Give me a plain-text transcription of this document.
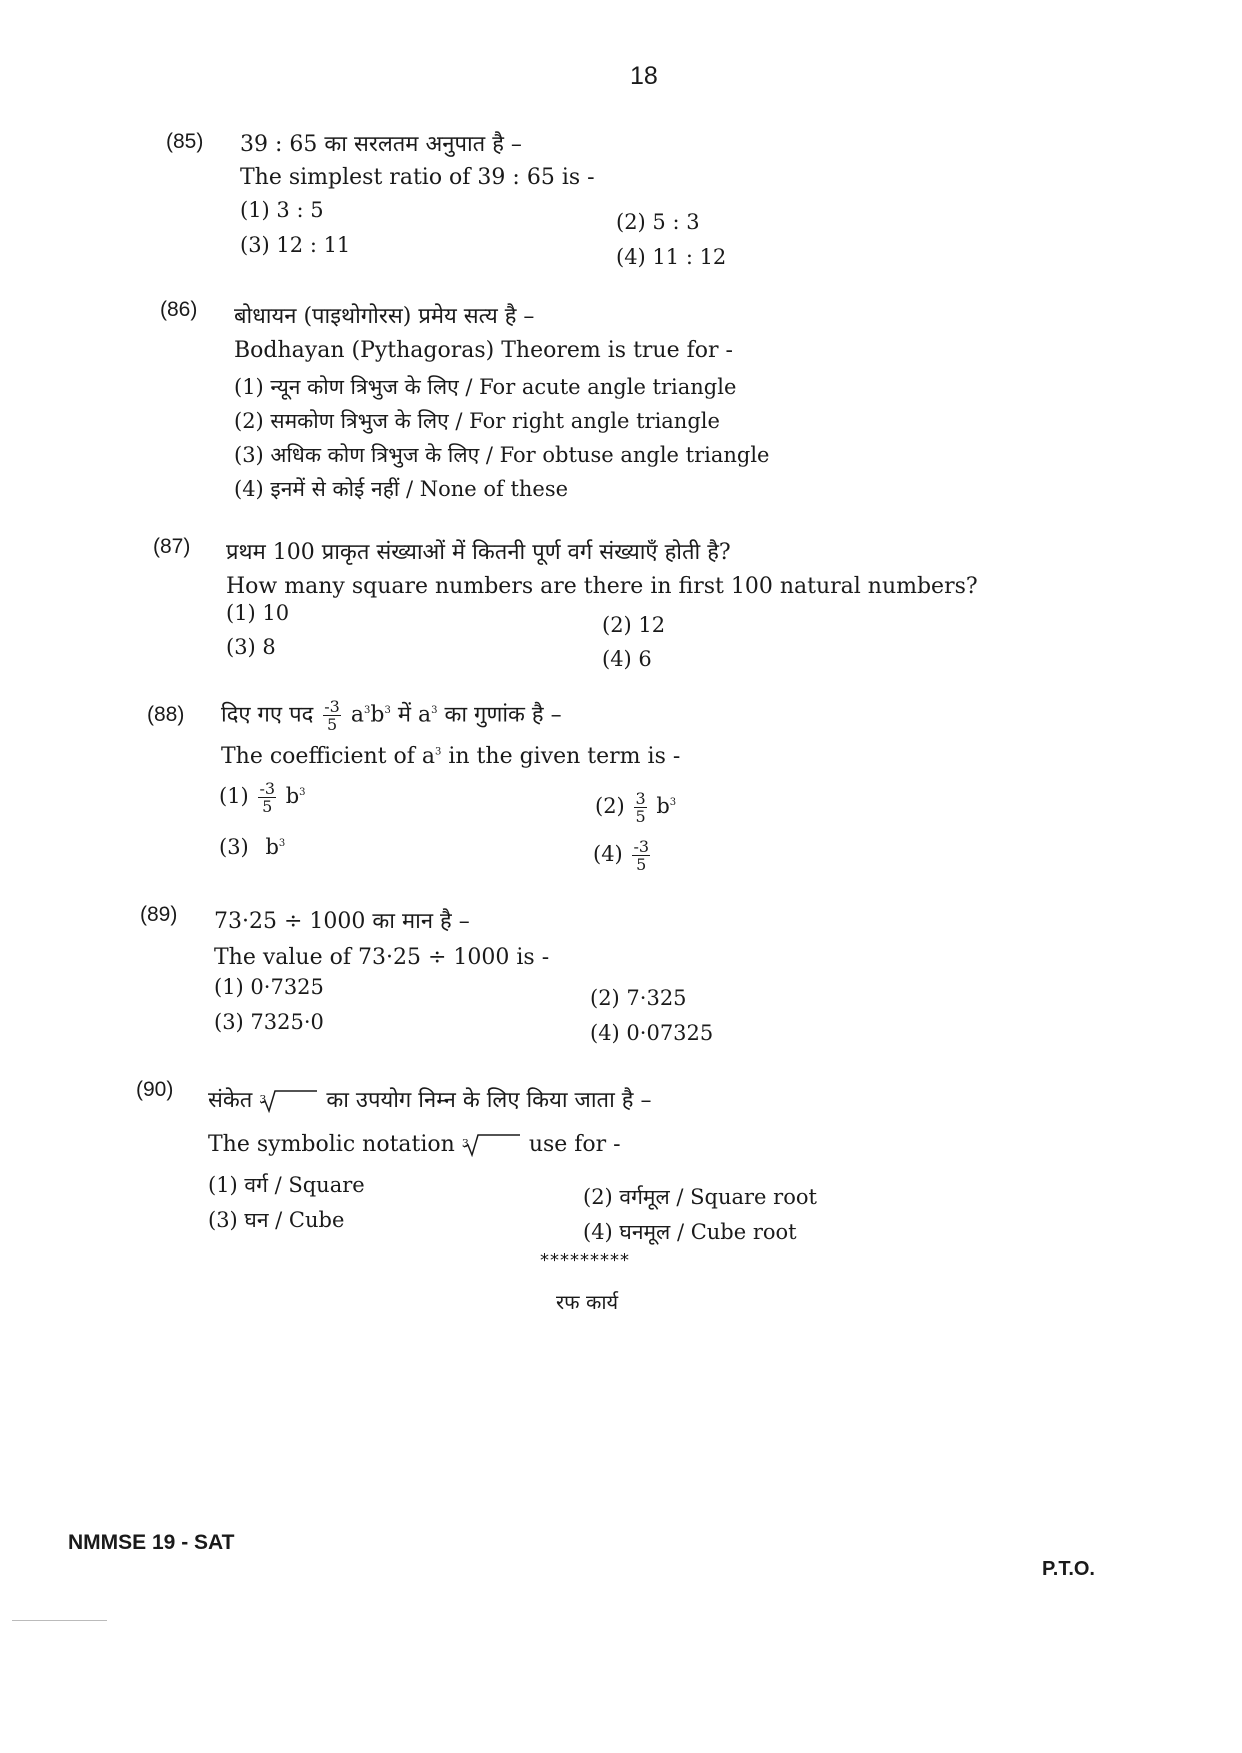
18
(85) 39 : 65 का सरलतम अनुपात है –
The simplest ratio of 39 : 65 is -
(1) 3 : 5	(2) 5 : 3
(3) 12 : 11	(4) 11 : 12
(86) बोधायन (पाइथोगोरस) प्रमेय सत्य है –
Bodhayan (Pythagoras) Theorem is true for -
(1) न्यून कोण त्रिभुज के लिए / For acute angle triangle
(2) समकोण त्रिभुज के लिए / For right angle triangle
(3) अधिक कोण त्रिभुज के लिए / For obtuse angle triangle
(4) इनमें से कोई नहीं / None of these
(87) प्रथम 100 प्राकृत संख्याओं में कितनी पूर्ण वर्ग संख्याएँ होती है?
How many square numbers are there in first 100 natural numbers?
(1) 10	(2) 12
(3) 8	(4) 6
(88) दिए गए पद $\frac{-3}{5} a^3b^3$ में $a^3$ का गुणांक है –
The coefficient of $a^3$ in the given term is -
$(1) \frac{-3}{5} b^3$
$(2) \frac{3}{5} b^3$
(3) $b^3$	$(4) \frac{-3}{5}$
(89) 73·25 ÷ 1000 का मान है –
The value of 73·25 ÷ 1000 is -
(1) 0·7325	(2) 7·325
(3) 7325·0	(4) 0·07325
(90) संकेत 3	का उपयोग निम्न के लिए किया जाता है –
The symbolic notation 3	use for -
(1) वर्ग / Square	(2) वर्गमूल / Square root
(3) घन / Cube	(4) घनमूल / Cube root
*********
रफ कार्य
NMMSE 19 - SAT
P.T.O.
